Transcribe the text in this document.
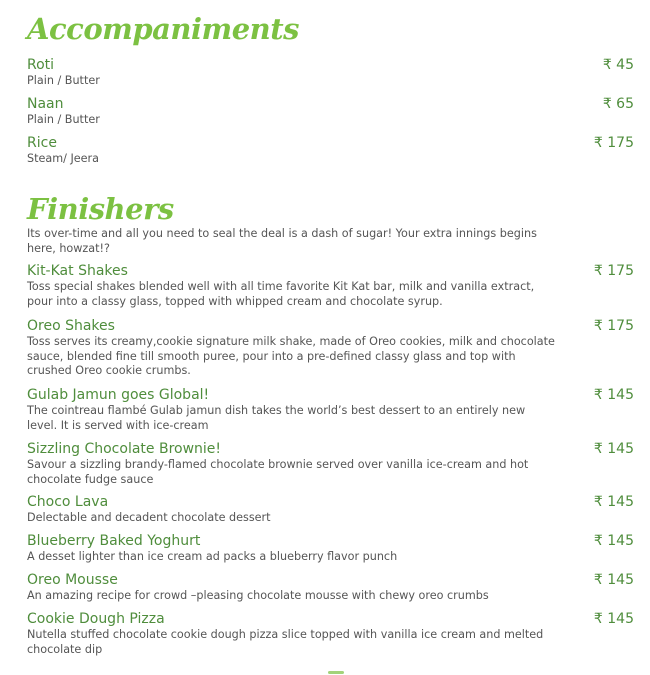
Accompaniments
Roti
Plain / Butter
₹ 45
Naan
Plain / Butter
₹ 65
Rice
Steam/ Jeera
₹ 175
Finishers
Its over-time and all you need to seal the deal is a dash of sugar! Your extra innings begins here, howzat!?
Kit-Kat Shakes
Toss special shakes blended well with all time favorite Kit Kat bar, milk and vanilla extract, pour into a classy glass, topped with whipped cream and chocolate syrup.
₹ 175
Oreo Shakes
Toss serves its creamy,cookie signature milk shake, made of Oreo cookies, milk and chocolate sauce, blended fine till smooth puree, pour into a pre-defined classy glass and top with crushed Oreo cookie crumbs.
₹ 175
Gulab Jamun goes Global!
The cointreau flambé Gulab jamun dish takes the world’s best dessert to an entirely new level. It is served with ice-cream
₹ 145
Sizzling Chocolate Brownie!
Savour a sizzling brandy-flamed chocolate brownie served over vanilla ice-cream and hot chocolate fudge sauce
₹ 145
Choco Lava
Delectable and decadent chocolate dessert
₹ 145
Blueberry Baked Yoghurt
A desset lighter than ice cream ad packs a blueberry flavor punch
₹ 145
Oreo Mousse
An amazing recipe for crowd –pleasing chocolate mousse with chewy oreo crumbs
₹ 145
Cookie Dough Pizza
Nutella stuffed chocolate cookie dough pizza slice topped with vanilla ice cream and melted chocolate dip
₹ 145
